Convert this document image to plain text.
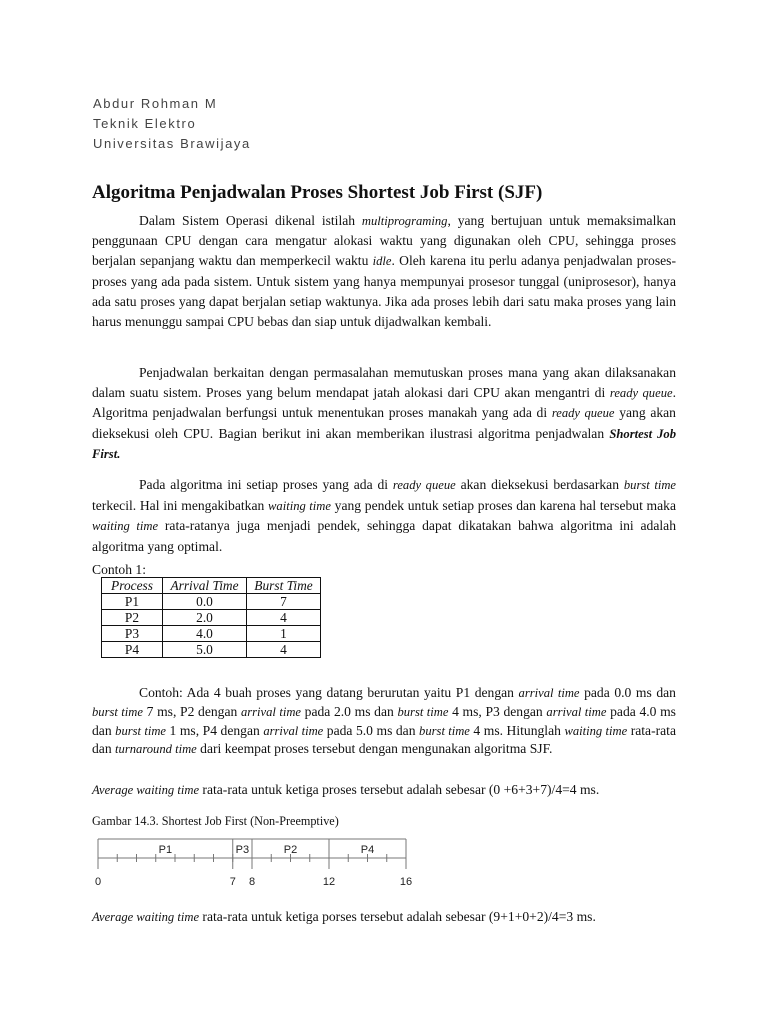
Abdur Rohman M
Teknik Elektro
Universitas Brawijaya
Algoritma Penjadwalan Proses Shortest Job First (SJF)

Dalam Sistem Operasi dikenal istilah multiprograming, yang bertujuan untuk memaksimalkan penggunaan CPU dengan cara mengatur alokasi waktu yang digunakan oleh CPU, sehingga proses berjalan sepanjang waktu dan memperkecil waktu idle. Oleh karena itu perlu adanya penjadwalan proses-proses yang ada pada sistem. Untuk sistem yang hanya mempunyai prosesor tunggal (uniprosesor), hanya ada satu proses yang dapat berjalan setiap waktunya. Jika ada proses lebih dari satu maka proses yang lain harus menunggu sampai CPU bebas dan siap untuk dijadwalkan kembali.

Penjadwalan berkaitan dengan permasalahan memutuskan proses mana yang akan dilaksanakan dalam suatu sistem. Proses yang belum mendapat jatah alokasi dari CPU akan mengantri di ready queue. Algoritma penjadwalan berfungsi untuk menentukan proses manakah yang ada di ready queue yang akan dieksekusi oleh CPU. Bagian berikut ini akan memberikan ilustrasi algoritma penjadwalan Shortest Job First.

Pada algoritma ini setiap proses yang ada di ready queue akan dieksekusi berdasarkan burst time terkecil. Hal ini mengakibatkan waiting time yang pendek untuk setiap proses dan karena hal tersebut maka waiting time rata-ratanya juga menjadi pendek, sehingga dapat dikatakan bahwa algoritma ini adalah algoritma yang optimal.

Contoh 1:
Process	Arrival Time	Burst Time
P1	0.0	7
P2	2.0	4
P3	4.0	1
P4	5.0	4

Contoh: Ada 4 buah proses yang datang berurutan yaitu P1 dengan arrival time pada 0.0 ms dan burst time 7 ms, P2 dengan arrival time pada 2.0 ms dan burst time 4 ms, P3 dengan arrival time pada 4.0 ms dan burst time 1 ms, P4 dengan arrival time pada 5.0 ms dan burst time 4 ms. Hitunglah waiting time rata-rata dan turnaround time dari keempat proses tersebut dengan mengunakan algoritma SJF.

Average waiting time rata-rata untuk ketiga proses tersebut adalah sebesar (0 +6+3+7)/4=4 ms.
Gambar 14.3. Shortest Job First (Non-Preemptive)
P1	P3	P2	P4
0	7 8	12	16
Average waiting time rata-rata untuk ketiga porses tersebut adalah sebesar (9+1+0+2)/4=3 ms.
